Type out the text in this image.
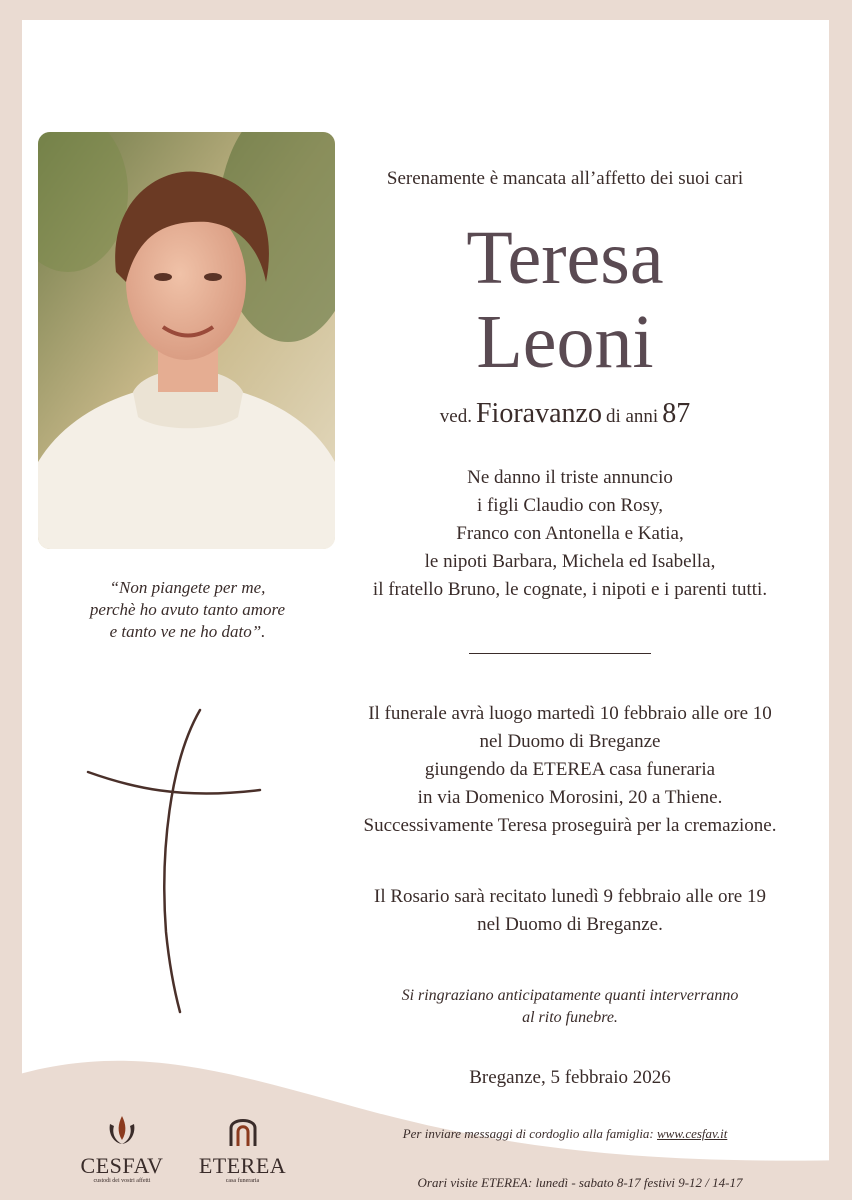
“Non piangete per me,
perchè ho avuto tanto amore
e tanto ve ne ho dato”.
Serenamente è mancata all’affetto dei suoi cari
Teresa
Leoni
ved. Fioravanzo di anni 87
Ne danno il triste annuncio
i figli Claudio con Rosy,
Franco con Antonella e Katia,
le nipoti Barbara, Michela ed Isabella,
il fratello Bruno, le cognate, i nipoti e i parenti tutti.
Il funerale avrà luogo martedì 10 febbraio alle ore 10
nel Duomo di Breganze
giungendo da ETEREA casa funeraria
in via Domenico Morosini, 20 a Thiene.
Successivamente Teresa proseguirà per la cremazione.
Il Rosario sarà recitato lunedì 9 febbraio alle ore 19
nel Duomo di Breganze.
Si ringraziano anticipatamente quanti interverranno
al rito funebre.
Breganze, 5 febbraio 2026
Per inviare messaggi di cordoglio alla famiglia: www.cesfav.it
Orari visite ETEREA: lunedì - sabato 8-17 festivi 9-12 / 14-17
CESFAV
custodi dei vostri affetti
ETEREA
casa funeraria
